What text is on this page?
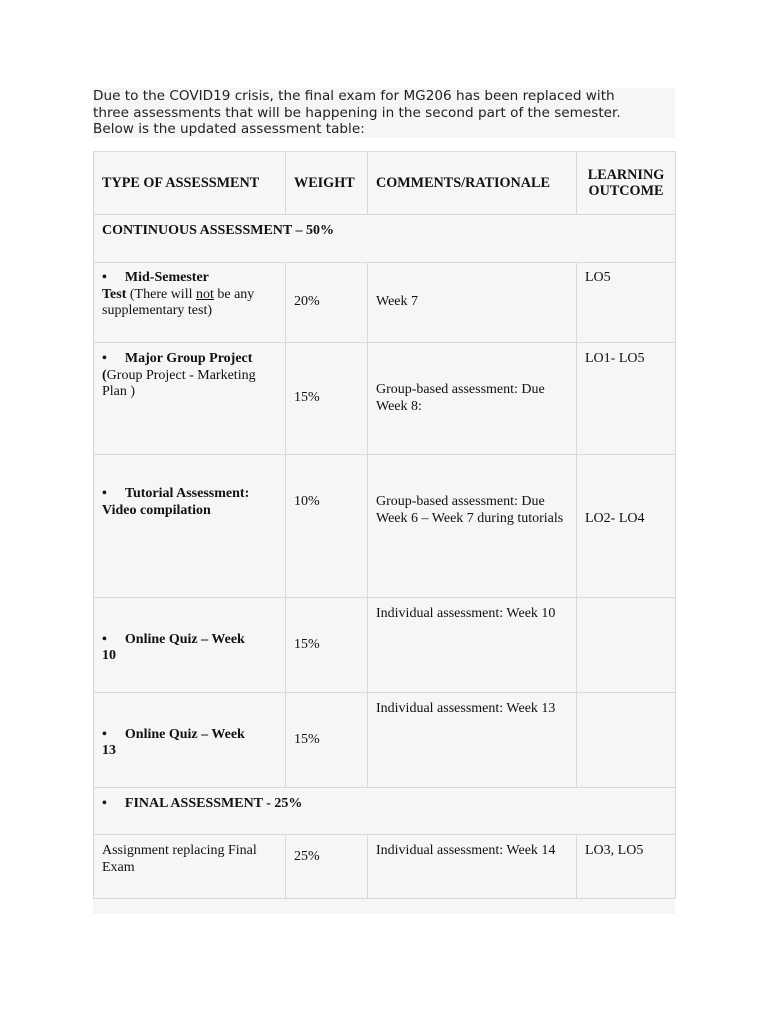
Due to the COVID19 crisis, the final exam for MG206 has been replaced with
three assessments that will be happening in the second part of the semester.
Below is the updated assessment table:
TYPE OF ASSESSMENT	WEIGHT	COMMENTS/RATIONALE	LEARNING
OUTCOME
CONTINUOUS ASSESSMENT – 50%			
• Mid-Semester
Test (There will not be any supplementary test)	20%	Week 7	LO5
• Major Group Project
(Group Project - Marketing Plan )	15%	Group-based assessment: Due Week 8:	LO1- LO5
• Tutorial Assessment:
Video compilation	10%	Group-based assessment: Due Week 6 – Week 7 during tutorials	LO2- LO4
• Online Quiz – Week
10	15%	Individual assessment: Week 10	
• Online Quiz – Week
13	15%	Individual assessment: Week 13	
• FINAL ASSESSMENT - 25%			
Assignment replacing Final Exam	25%	Individual assessment: Week 14	LO3, LO5
